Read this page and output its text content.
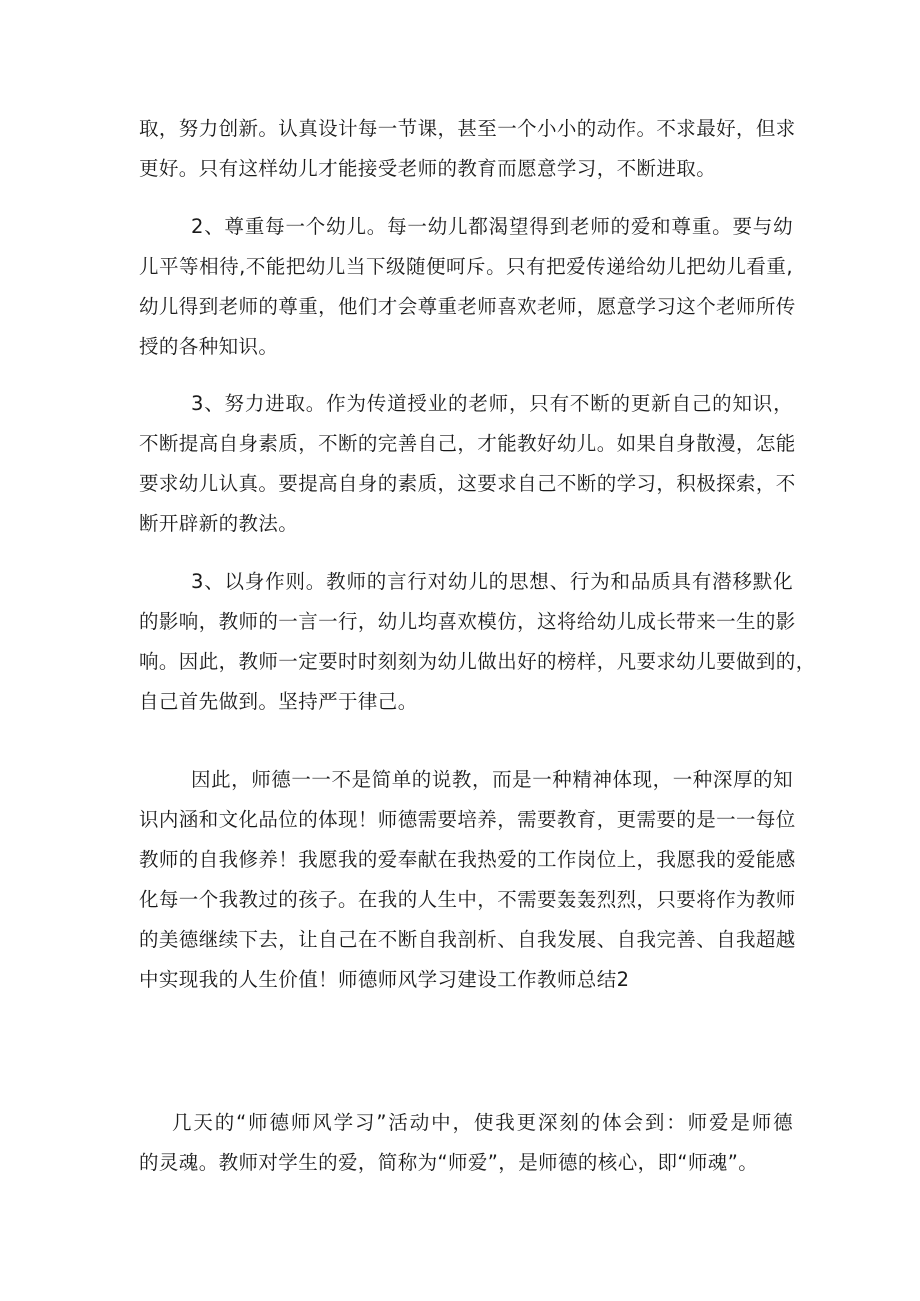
取，努力创新。认真设计每一节课，甚至一个小小的动作。不求最好，但求
更好。只有这样幼儿才能接受老师的教育而愿意学习，不断进取。
2、尊重每一个幼儿。每一幼儿都渴望得到老师的爱和尊重。要与幼
儿平等相待,不能把幼儿当下级随便呵斥。只有把爱传递给幼儿把幼儿看重,
幼儿得到老师的尊重，他们才会尊重老师喜欢老师，愿意学习这个老师所传
授的各种知识。
3、努力进取。作为传道授业的老师，只有不断的更新自己的知识，
不断提高自身素质，不断的完善自己，才能教好幼儿。如果自身散漫，怎能
要求幼儿认真。要提高自身的素质，这要求自己不断的学习，积极探索，不
断开辟新的教法。
3、以身作则。教师的言行对幼儿的思想、行为和品质具有潜移默化
的影响，教师的一言一行，幼儿均喜欢模仿，这将给幼儿成长带来一生的影
响。因此，教师一定要时时刻刻为幼儿做出好的榜样，凡要求幼儿要做到的，
自己首先做到。坚持严于律己。
因此，师德一一不是简单的说教，而是一种精神体现，一种深厚的知
识内涵和文化品位的体现！师德需要培养，需要教育，更需要的是一一每位
教师的自我修养！我愿我的爱奉献在我热爱的工作岗位上，我愿我的爱能感
化每一个我教过的孩子。在我的人生中，不需要轰轰烈烈，只要将作为教师
的美德继续下去，让自己在不断自我剖析、自我发展、自我完善、自我超越
中实现我的人生价值！师德师风学习建设工作教师总结2
几天的“师德师风学习”活动中，使我更深刻的体会到：师爱是师德
的灵魂。教师对学生的爱，简称为“师爱”，是师德的核心，即“师魂”。
